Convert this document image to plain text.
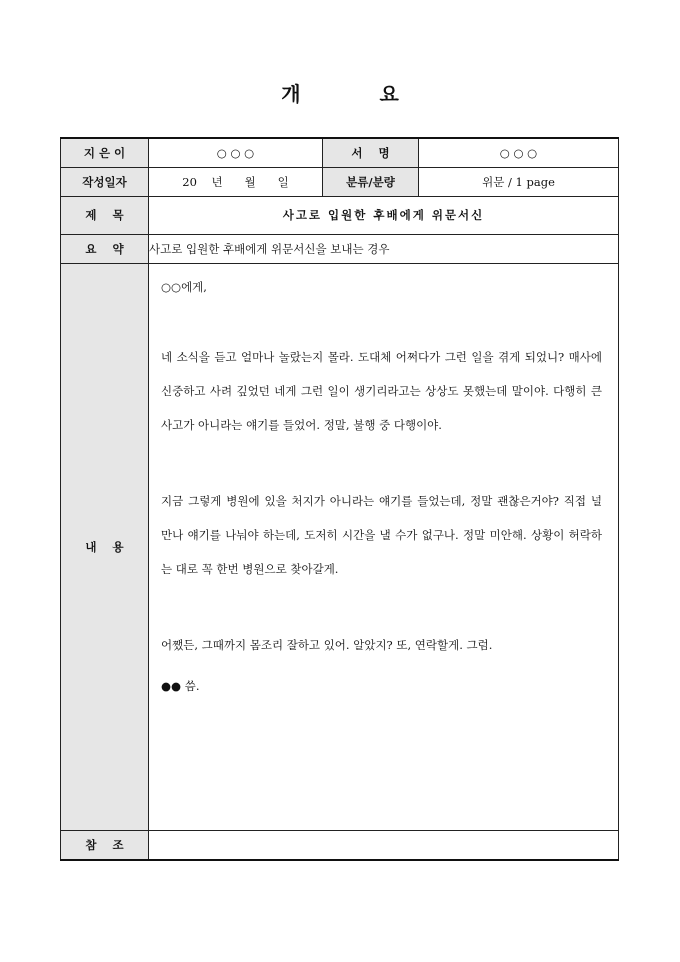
개 요
지 은 이	○ ○ ○	서    명	○ ○ ○
작성일자	20    년      월      일	분류/분량	위문 / 1 page
제    목	사고로 입원한 후배에게 위문서신		
요    약	사고로 입원한 후배에게 위문서신을 보내는 경우		
내    용	○○에게,

네 소식을 듣고 얼마나 놀랐는지 몰라. 도대체 어쩌다가 그런 일을 겪게 되었니? 매사에 신중하고 사려 깊었던 네게 그런 일이 생기리라고는 상상도 못했는데 말이야. 다행히 큰 사고가 아니라는 얘기를 들었어. 정말, 불행 중 다행이야.

지금 그렇게 병원에 있을 처지가 아니라는 얘기를 들었는데, 정말 괜찮은거야? 직접 널 만나 얘기를 나눠야 하는데, 도저히 시간을 낼 수가 없구나. 정말 미안해. 상황이 허락하는 대로 꼭 한번 병원으로 찾아갈게.

어쨌든, 그때까지 몸조리 잘하고 있어. 알았지? 또, 연락할게. 그럼.

●● 씀.		

참    조			
